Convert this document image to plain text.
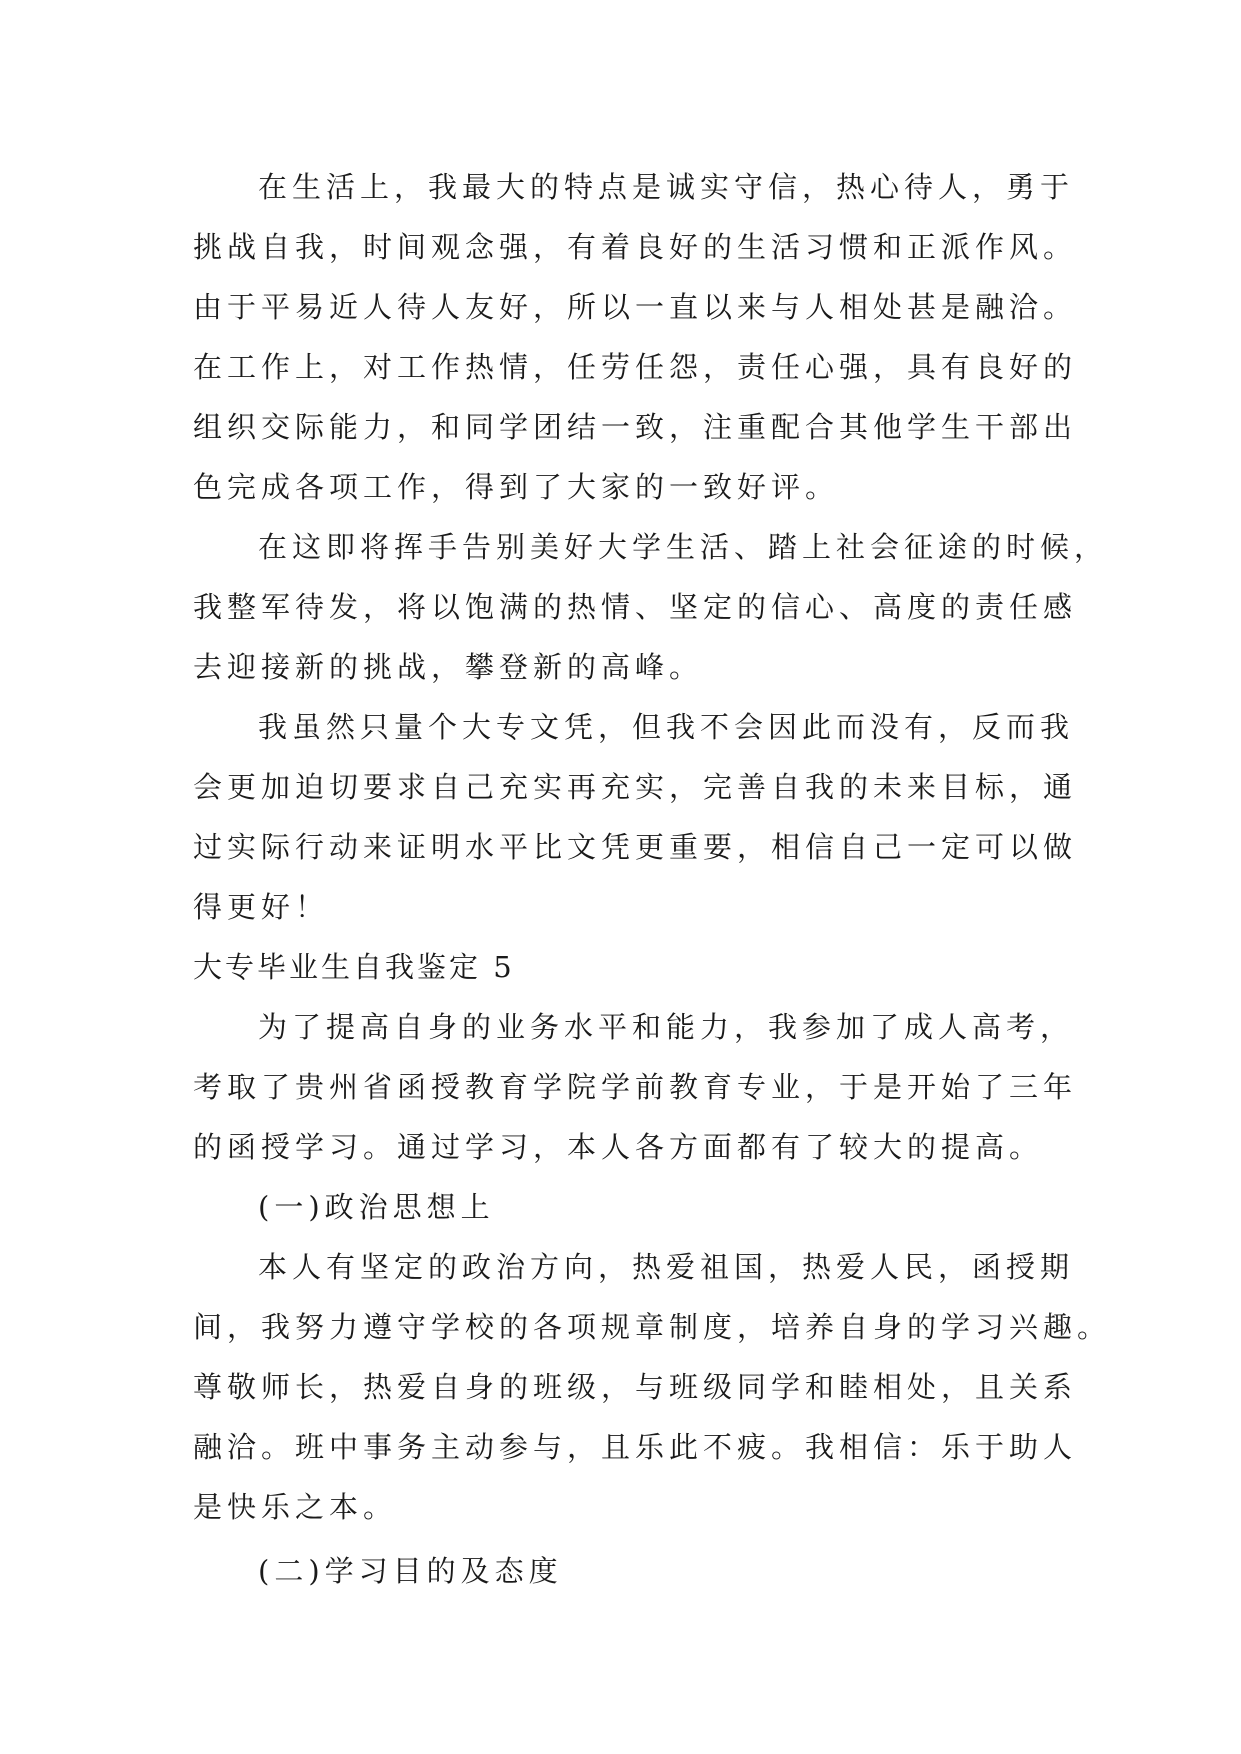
在生活上，我最大的特点是诚实守信，热心待人，勇于
挑战自我，时间观念强，有着良好的生活习惯和正派作风。
由于平易近人待人友好，所以一直以来与人相处甚是融洽。
在工作上，对工作热情，任劳任怨，责任心强，具有良好的
组织交际能力，和同学团结一致，注重配合其他学生干部出
色完成各项工作，得到了大家的一致好评。
在这即将挥手告别美好大学生活、踏上社会征途的时候，
我整军待发，将以饱满的热情、坚定的信心、高度的责任感
去迎接新的挑战，攀登新的高峰。
我虽然只量个大专文凭，但我不会因此而没有，反而我
会更加迫切要求自己充实再充实，完善自我的未来目标，通
过实际行动来证明水平比文凭更重要，相信自己一定可以做
得更好！
大专毕业生自我鉴定 5
为了提高自身的业务水平和能力，我参加了成人高考，
考取了贵州省函授教育学院学前教育专业，于是开始了三年
的函授学习。通过学习，本人各方面都有了较大的提高。
(一)政治思想上
本人有坚定的政治方向，热爱祖国，热爱人民，函授期
间，我努力遵守学校的各项规章制度，培养自身的学习兴趣。
尊敬师长，热爱自身的班级，与班级同学和睦相处，且关系
融洽。班中事务主动参与，且乐此不疲。我相信：乐于助人
是快乐之本。
(二)学习目的及态度
